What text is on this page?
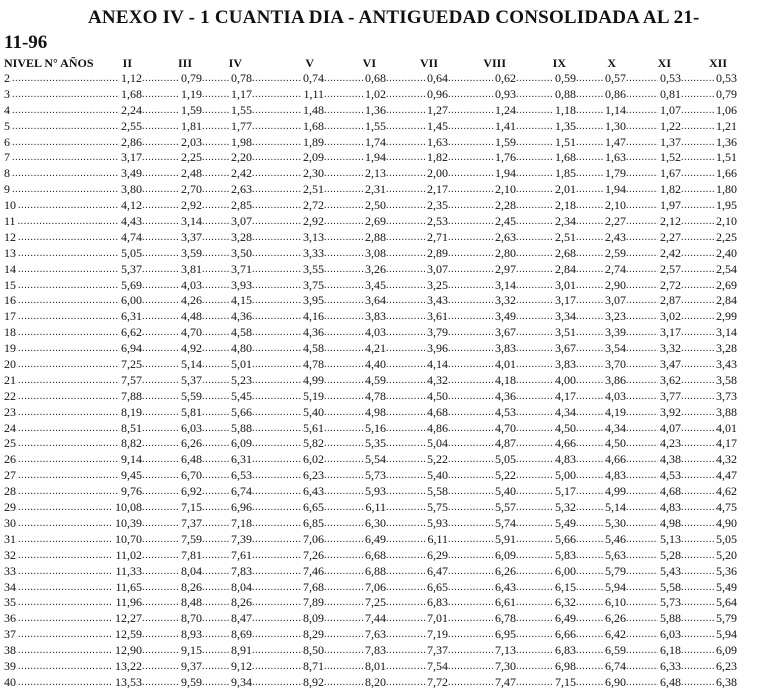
ANEXO IV - 1 CUANTIA DIA - ANTIGUEDAD CONSOLIDADA AL 21-
11-96
NIVEL N° AÑOS	II	III	IV	V	VI	VII	VIII	IX	X	XI	XII
2 ..... .....	1,12 .....	0,79 ..... 0,78 .....	0,74 .....	0,68 .....	0,64 .....	0,62 .....	0,59 ..... 0,57 .....	0,53 .....	0,53
3 ..... .....	1,68 .....	1,19 ..... 1,17 .....	1,11 .....	1,02 .....	0,96 .....	0,93 .....	0,88 ..... 0,86 .....	0,81 .....	0,79
4 ..... .....	2,24 .....	1,59 ..... 1,55 .....	1,48 .....	1,36 .....	1,27 .....	1,24 .....	1,18 ..... 1,14 .....	1,07 .....	1,06
5 ..... .....	2,55 .....	1,81 ..... 1,77 .....	1,68 .....	1,55 .....	1,45 .....	1,41 .....	1,35 ..... 1,30 .....	1,22 .....	1,21
6 ..... .....	2,86 .....	2,03 ..... 1,98 .....	1,89 .....	1,74 .....	1,63 .....	1,59 .....	1,51 ..... 1,47 .....	1,37 .....	1,36
7 ..... .....	3,17 .....	2,25 ..... 2,20 .....	2,09 .....	1,94 .....	1,82 .....	1,76 .....	1,68 ..... 1,63 .....	1,52 .....	1,51
8 ..... .....	3,49 .....	2,48 ..... 2,42 .....	2,30 .....	2,13 .....	2,00 .....	1,94 .....	1,85 ..... 1,79 .....	1,67 .....	1,66
9 ..... .....	3,80 .....	2,70 ..... 2,63 .....	2,51 .....	2,31 .....	2,17 .....	2,10 .....	2,01 ..... 1,94 .....	1,82 .....	1,80
10 ..... .....	4,12 .....	2,92 ..... 2,85 .....	2,72 .....	2,50 .....	2,35 .....	2,28 .....	2,18 ..... 2,10 .....	1,97 .....	1,95
11 ..... .....	4,43 .....	3,14 ..... 3,07 .....	2,92 .....	2,69 .....	2,53 .....	2,45 .....	2,34 ..... 2,27 .....	2,12 .....	2,10
12 ..... .....	4,74 .....	3,37 ..... 3,28 .....	3,13 .....	2,88 .....	2,71 .....	2,63 .....	2,51 ..... 2,43 .....	2,27 .....	2,25
13 ..... .....	5,05 .....	3,59 ..... 3,50 .....	3,33 .....	3,08 .....	2,89 .....	2,80 .....	2,68 ..... 2,59 .....	2,42 .....	2,40
14 ..... .....	5,37 .....	3,81 ..... 3,71 .....	3,55 .....	3,26 .....	3,07 .....	2,97 .....	2,84 ..... 2,74 .....	2,57 .....	2,54
15 ..... .....	5,69 .....	4,03 ..... 3,93 .....	3,75 .....	3,45 .....	3,25 .....	3,14 .....	3,01 ..... 2,90 .....	2,72 .....	2,69
16 ..... .....	6,00 .....	4,26 ..... 4,15 .....	3,95 .....	3,64 .....	3,43 .....	3,32 .....	3,17 ..... 3,07 .....	2,87 .....	2,84
17 ..... .....	6,31 .....	4,48 ..... 4,36 .....	4,16 .....	3,83 .....	3,61 .....	3,49 .....	3,34 ..... 3,23 .....	3,02 .....	2,99
18 ..... .....	6,62 .....	4,70 ..... 4,58 .....	4,36 .....	4,03 .....	3,79 .....	3,67 .....	3,51 ..... 3,39 .....	3,17 .....	3,14
19 ..... .....	6,94 .....	4,92 ..... 4,80 .....	4,58 .....	4,21 .....	3,96 .....	3,83 .....	3,67 ..... 3,54 .....	3,32 .....	3,28
20 ..... .....	7,25 .....	5,14 ..... 5,01 .....	4,78 .....	4,40 .....	4,14 .....	4,01 .....	3,83 ..... 3,70 .....	3,47 .....	3,43
21 ..... .....	7,57 .....	5,37 ..... 5,23 .....	4,99 .....	4,59 .....	4,32 .....	4,18 .....	4,00 ..... 3,86 .....	3,62 .....	3,58
22 ..... .....	7,88 .....	5,59 ..... 5,45 .....	5,19 .....	4,78 .....	4,50 .....	4,36 .....	4,17 ..... 4,03 .....	3,77 .....	3,73
23 ..... .....	8,19 .....	5,81 ..... 5,66 .....	5,40 .....	4,98 .....	4,68 .....	4,53 .....	4,34 ..... 4,19 .....	3,92 .....	3,88
24 ..... .....	8,51 .....	6,03 ..... 5,88 .....	5,61 .....	5,16 .....	4,86 .....	4,70 .....	4,50 ..... 4,34 .....	4,07 .....	4,01
25 ..... .....	8,82 .....	6,26 ..... 6,09 .....	5,82 .....	5,35 .....	5,04 .....	4,87 .....	4,66 ..... 4,50 .....	4,23 .....	4,17
26 ..... .....	9,14 .....	6,48 ..... 6,31 .....	6,02 .....	5,54 .....	5,22 .....	5,05 .....	4,83 ..... 4,66 .....	4,38 .....	4,32
27 ..... .....	9,45 .....	6,70 ..... 6,53 .....	6,23 .....	5,73 .....	5,40 .....	5,22 .....	5,00 ..... 4,83 .....	4,53 .....	4,47
28 ..... .....	9,76 .....	6,92 ..... 6,74 .....	6,43 .....	5,93 .....	5,58 .....	5,40 .....	5,17 ..... 4,99 .....	4,68 .....	4,62
29 ..... .....	10,08 .....	7,15 ..... 6,96 .....	6,65 .....	6,11 .....	5,75 .....	5,57 .....	5,32 ..... 5,14 .....	4,83 .....	4,75
30 ..... .....	10,39 .....	7,37 ..... 7,18 .....	6,85 .....	6,30 .....	5,93 .....	5,74 .....	5,49 ..... 5,30 .....	4,98 .....	4,90
31 ..... .....	10,70 .....	7,59 ..... 7,39 .....	7,06 .....	6,49 .....	6,11 .....	5,91 .....	5,66 ..... 5,46 .....	5,13 .....	5,05
32 ..... .....	11,02 .....	7,81 ..... 7,61 .....	7,26 .....	6,68 .....	6,29 .....	6,09 .....	5,83 ..... 5,63 .....	5,28 .....	5,20
33 ..... .....	11,33 .....	8,04 ..... 7,83 .....	7,46 .....	6,88 .....	6,47 .....	6,26 .....	6,00 ..... 5,79 .....	5,43 .....	5,36
34 ..... .....	11,65 .....	8,26 ..... 8,04 .....	7,68 .....	7,06 .....	6,65 .....	6,43 .....	6,15 ..... 5,94 .....	5,58 .....	5,49
35 ..... .....	11,96 .....	8,48 ..... 8,26 .....	7,89 .....	7,25 .....	6,83 .....	6,61 .....	6,32 ..... 6,10 .....	5,73 .....	5,64
36 ..... .....	12,27 .....	8,70 ..... 8,47 .....	8,09 .....	7,44 .....	7,01 .....	6,78 .....	6,49 ..... 6,26 .....	5,88 .....	5,79
37 ..... .....	12,59 .....	8,93 ..... 8,69 .....	8,29 .....	7,63 .....	7,19 .....	6,95 .....	6,66 ..... 6,42 .....	6,03 .....	5,94
38 ..... .....	12,90 .....	9,15 ..... 8,91 .....	8,50 .....	7,83 .....	7,37 .....	7,13 .....	6,83 ..... 6,59 .....	6,18 .....	6,09
39 ..... .....	13,22 .....	9,37 ..... 9,12 .....	8,71 .....	8,01 .....	7,54 .....	7,30 .....	6,98 ..... 6,74 .....	6,33 .....	6,23
40 ..... .....	13,53 .....	9,59 ..... 9,34 .....	8,92 .....	8,20 .....	7,72 .....	7,47 .....	7,15 ..... 6,90 .....	6,48 .....	6,38
